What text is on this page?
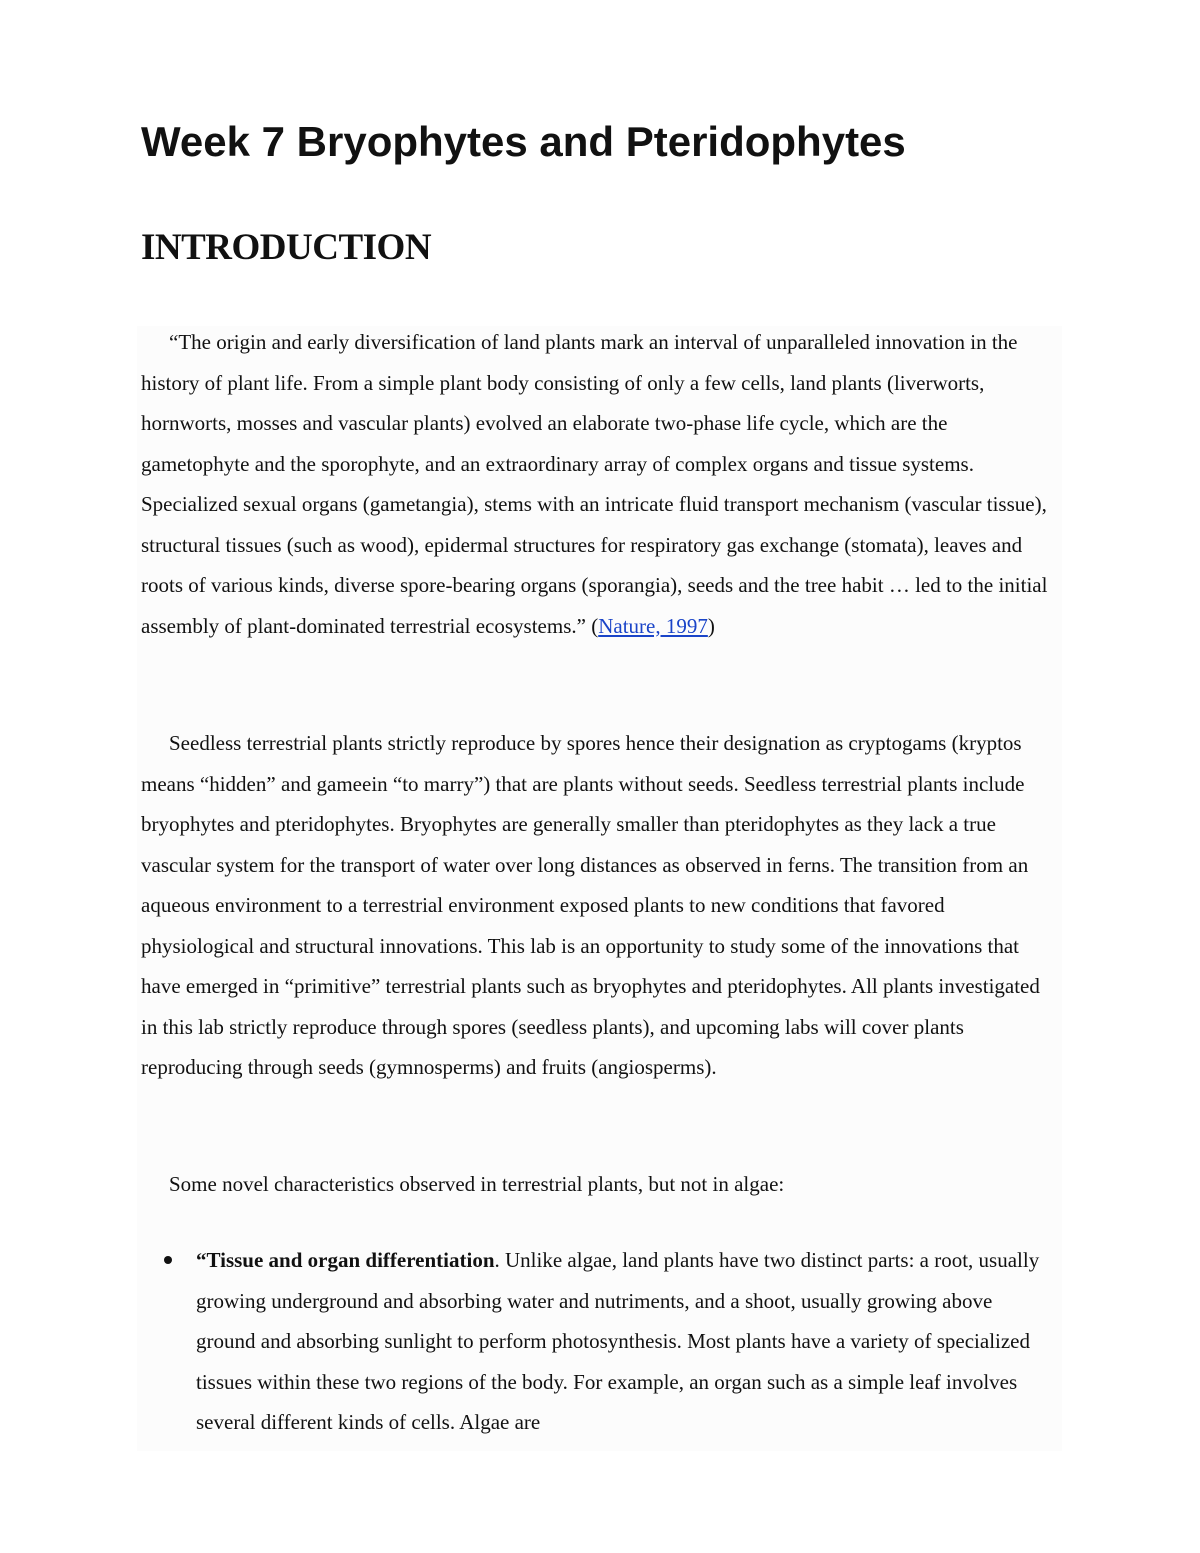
Week 7 Bryophytes and Pteridophytes
INTRODUCTION

“The origin and early diversification of land plants mark an interval of unparalleled innovation in the history of plant life. From a simple plant body consisting of only a few cells, land plants (liverworts, hornworts, mosses and vascular plants) evolved an elaborate two-phase life cycle, which are the gametophyte and the sporophyte, and an extraordinary array of complex organs and tissue systems. Specialized sexual organs (gametangia), stems with an intricate fluid transport mechanism (vascular tissue), structural tissues (such as wood), epidermal structures for respiratory gas exchange (stomata), leaves and roots of various kinds, diverse spore-bearing organs (sporangia), seeds and the tree habit … led to the initial assembly of plant-dominated terrestrial ecosystems.” (Nature, 1997)

Seedless terrestrial plants strictly reproduce by spores hence their designation as cryptogams (kryptos means “hidden” and gameein “to marry”) that are plants without seeds. Seedless terrestrial plants include bryophytes and pteridophytes. Bryophytes are generally smaller than pteridophytes as they lack a true vascular system for the transport of water over long distances as observed in ferns. The transition from an aqueous environment to a terrestrial environment exposed plants to new conditions that favored physiological and structural innovations. This lab is an opportunity to study some of the innovations that have emerged in “primitive” terrestrial plants such as bryophytes and pteridophytes. All plants investigated in this lab strictly reproduce through spores (seedless plants), and upcoming labs will cover plants reproducing through seeds (gymnosperms) and fruits (angiosperms).

Some novel characteristics observed in terrestrial plants, but not in algae:

“Tissue and organ differentiation. Unlike algae, land plants have two distinct parts: a root, usually growing underground and absorbing water and nutriments, and a shoot, usually growing above ground and absorbing sunlight to perform photosynthesis. Most plants have a variety of specialized tissues within these two regions of the body. For example, an organ such as a simple leaf involves several different kinds of cells. Algae are
